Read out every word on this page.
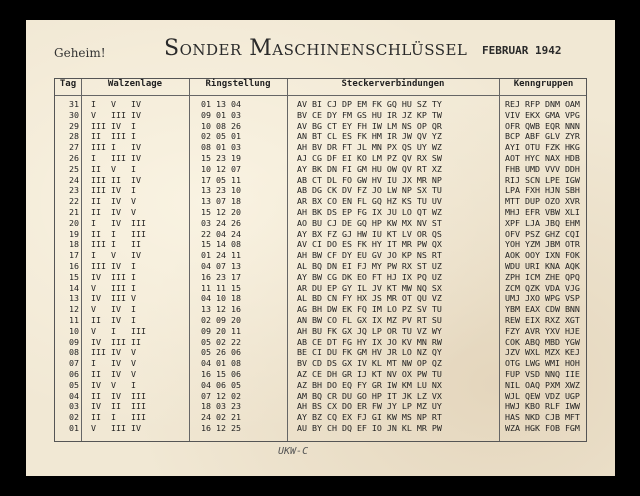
Geheim!	Sonder Maschinenschlüssel FEBRUAR 1942
Tag	Walzenlage	Ringstellung	Steckerverbindungen	Kenngruppen
31 I   V   IV	01 13 04	AV BI CJ DP EM FK GQ HU SZ TY	REJ RFP DNM OAM
30 V   III IV	09 01 03	BV CE DY FM GS HU IR JZ KP TW	VIV EKX GMA VPG
29 III IV  I	10 08 26	AV BG CT EY FH IW LM NS OP QR	OFR QWB EQR NNN
28 II  III I	02 05 01	AN BT CL ES FK HM IR JW QV YZ	BCP ABF GLV ZYR
27 III I   IV	08 01 03	AH BV DR FT JL MN PX QS UY WZ	AYI OTU FZK HKG
26 I   III IV	15 23 19	AJ CG DF EI KO LM PZ QV RX SW	AOT HYC NAX HDB
25 II  V   I	10 12 07	AY BK DN FI GM HU OW QV RT XZ	FHB UMD VVV DDH
24 III II  IV	17 05 11	AB CT DL FO GW HV IU JX MR NP	RIJ SCN LPE IGW
23 III IV  I	13 23 10	AB DG CK DV FZ JO LW NP SX TU	LPA FXH HJN SBH
22 II  IV  V	13 07 18	AR BX CO EN FL GQ HZ KS TU UV	MTT DUP OZO XVR
21 II  IV  V	15 12 20	AH BK DS EP FG IX JU LO QT WZ	MHJ EFR VBW XLI
20 I   IV  III	03 24 26	AO BU CJ DE GQ HP KW MX NV ST	XPF LJA JBQ EHM
19 II  I   III	22 04 24	AY BX FZ GJ HW IU KT LV OR QS	OFV PSZ GHZ CQI
18 III I   II	15 14 08	AV CI DO ES FK HY IT MR PW QX	YOH YZM JBM OTR
17 I   V   IV	01 24 11	AH BW CF DY EU GV JO KP NS RT	AOK OOY IXN FOK
16 III IV  I	04 07 13	AL BQ DN EI FJ MY PW RX ST UZ	WDU URI KNA AQK
15 IV  III I	16 23 17	AY BW CG DK EO FT HJ IX PQ UZ	ZPH ICM ZHE QPQ
14 V   III I	11 11 15	AR DU EP GY IL JV KT MW NQ SX	ZCM QZK VDA VJG
13 IV  III V	04 10 18	AL BD CN FY HX JS MR OT QU VZ	UMJ JXO WPG VSP
12 V   IV  I	13 12 16	AG BH DW EK FQ IM LO PZ SV TU	YBM EAX CDW BNN
11 II  IV  I	02 09 20	AN BW CO FL GX IX MZ PV RT SU	REW EIX RXZ XGT
10 V   I   III	09 20 11	AH BU FK GX JQ LP OR TU VZ WY	FZY AVR YXV HJE
09 IV  III II	05 02 22	AB CE DT FG HY IX JO KV MN RW	COK ABQ MBD YGW
08 III IV  V	05 26 06	BE CI DU FK GM HV JR LO NZ QY	JZV WXL MZX KEJ
07 I   IV  V	04 01 08	BV CD DS GX IV KL MT NW OP QZ	OTG LWG WMI HOH
06 II  IV  V	16 15 06	AZ CE DH GR IJ KT NV OX PW TU	FUP VSD NNQ IIE
05 IV  V   I	04 06 05	AZ BH DO EQ FY GR IW KM LU NX	NIL OAQ PXM XWZ
04 II  IV  III	07 12 02	AM BQ CR DU GO HP IT JK LZ VX	WJL QEW VDZ UGP
03 IV  II  III	18 03 23	AH BS CX DO ER FW JY LP MZ UY	HWJ KBO RLF IWW
02 II  I   III	24 02 21	AY BZ CQ EX FJ GI KW MS NP RT	HAS NKD CJB MFT
01 V   III IV	16 12 25	AU BY CH DQ EF IO JN KL MR PW	WZA HGK FOB FGM
UKW-C
